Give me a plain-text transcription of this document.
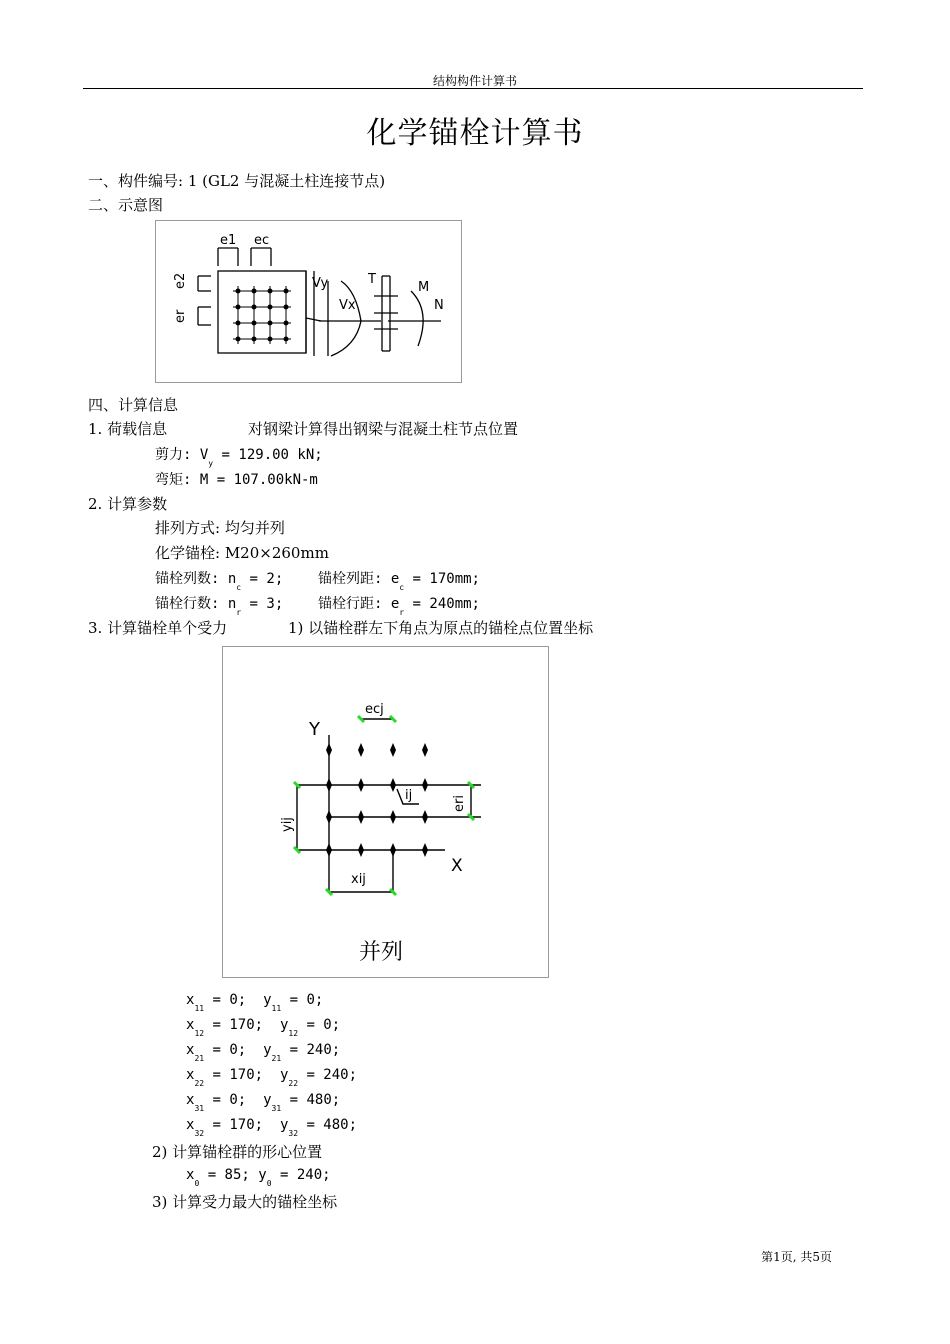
结构构件计算书
化学锚栓计算书
一、构件编号: 1 (GL2 与混凝土柱连接节点)
二、示意图
e1 ec
e2
er
Vy
Vx
T
M
N
四、计算信息
1. 荷载信息	对钢梁计算得出钢梁与混凝土柱节点位置
剪力: $V_y = 129.00$ kN;
弯矩: M = 107.00kN-m
2. 计算参数
排列方式: 均匀并列
化学锚栓: M20×260mm
锚栓列数: $n_c = 2$; 锚栓列距: $e_c = 170mm$;
锚栓行数: $n_r = 3$; 锚栓行距: $e_r = 240mm$;
3. 计算锚栓单个受力	1) 以锚栓群左下角点为原点的锚栓点位置坐标
Y
X
ecj
eri
ij
yij
xij
并列
$x_{11} = 0$;  $y_{11} = 0$;
$x_{12} = 170$;  $y_{12} = 0$;
$x_{21} = 0$;  $y_{21} = 240$;
$x_{22} = 170$;  $y_{22} = 240$;
$x_{31} = 0$;  $y_{31} = 480$;
$x_{32} = 170$;  $y_{32} = 480$;
2) 计算锚栓群的形心位置
$x_0 = 85$; $y_0 = 240$;
3) 计算受力最大的锚栓坐标
第1页, 共5页
